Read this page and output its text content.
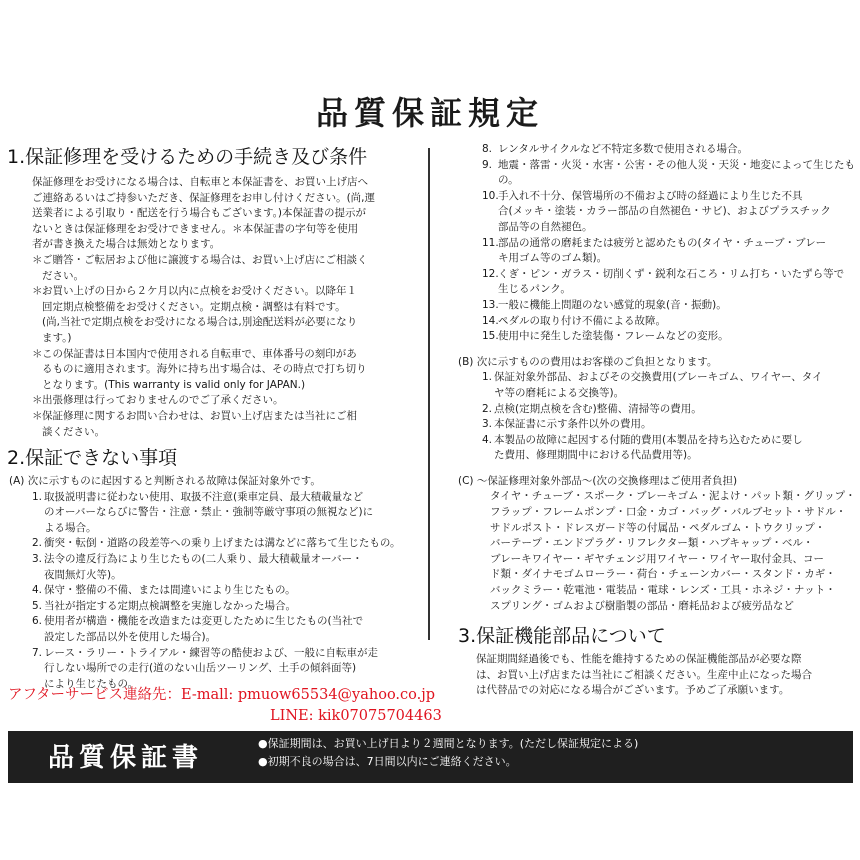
品質保証規定
1.保証修理を受けるための手続き及び条件

保証修理をお受けになる場合は、自転車と本保証書を、お買い上げ店へ

ご連絡あるいはご持参いただき、保証修理をお申し付けください。(尚,運

送業者による引取り・配送を行う場合もございます。)本保証書の提示が

ないときは保証修理をお受けできません。＊本保証書の字句等を使用

者が書き換えた場合は無効となります。

＊ ご贈答・ご転居および他に譲渡する場合は、お買い上げ店にご相談く

ださい。

＊ お買い上げの日から２ケ月以内に点検をお受けください。以降年１

回定期点検整備をお受けください。定期点検・調整は有料です。

(尚,当社で定期点検をお受けになる場合は,別途配送料が必要になり

ます。)

＊ この保証書は日本国内で使用される自転車で、車体番号の刻印があ

るものに適用されます。海外に持ち出す場合は、その時点で打ち切り

となります。(This warranty is valid only for JAPAN.)

＊ 出張修理は行っておりませんのでご了承ください。

＊ 保証修理に関するお問い合わせは、お買い上げ店または当社にご相

談ください。

2.保証できない事項

(A) 次に示すものに起因すると判断される故障は保証対象外です。

1. 取扱説明書に従わない使用、取扱不注意(乗車定員、最大積載量など

のオーバーならびに警告・注意・禁止・強制等厳守事項の無視など)に

よる場合。

2. 衝突・転倒・道路の段差等への乗り上げまたは溝などに落ちて生じたもの。

3. 法令の違反行為により生じたもの(二人乗り、最大積載量オーバー・

夜間無灯火等)。

4. 保守・整備の不備、または間違いにより生じたもの。

5. 当社が指定する定期点検調整を実施しなかった場合。

6. 使用者が構造・機能を改造または変更したために生じたもの(当社で

設定した部品以外を使用した場合)。

7. レース・ラリー・トライアル・練習等の酷使および、一般に自転車が走

行しない場所での走行(道のない山岳ツーリング、土手の傾斜面等)

により生じたもの。

8. レンタルサイクルなど不特定多数で使用される場合。

9. 地震・落雷・火災・水害・公害・その他人災・天災・地変によって生じたもの。

10. 手入れ不十分、保管場所の不備および時の経過により生じた不具

合(メッキ・塗装・カラー部品の自然褪色・サビ)、およびプラスチック

部品等の自然褪色。

11. 部品の通常の磨耗または疲労と認めたもの(タイヤ・チューブ・ブレー

キ用ゴム等のゴム類)。

12. くぎ・ピン・ガラス・切削くず・鋭利な石ころ・リム打ち・いたずら等で

生じるパンク。

13. 一般に機能上問題のない感覚的現象(音・振動)。

14. ペダルの取り付け不備による故障。

15. 使用中に発生した塗装傷・フレームなどの変形。

(B) 次に示すものの費用はお客様のご負担となります。

1. 保証対象外部品、およびその交換費用(ブレーキゴム、ワイヤー、タイ

ヤ等の磨耗による交換等)。

2. 点検(定期点検を含む)整備、清掃等の費用。

3. 本保証書に示す条件以外の費用。

4. 本製品の故障に起因する付随的費用(本製品を持ち込むために要し

た費用、修理期間中における代品費用等)。

(C) 〜保証修理対象外部品〜(次の交換修理はご使用者負担)

タイヤ・チューブ・スポーク・ブレーキゴム・泥よけ・パット類・グリップ・

フラップ・フレームポンプ・口金・カゴ・バッグ・バルブセット・サドル・

サドルポスト・ドレスガード等の付属品・ペダルゴム・トウクリップ・

バーテープ・エンドプラグ・リフレクター類・ハブキャップ・ベル・

ブレーキワイヤー・ギヤチェンジ用ワイヤー・ワイヤー取付金具、コー

ド類・ダイナモゴムローラー・荷台・チェーンカバー・スタンド・カギ・

バックミラー・乾電池・電装品・電球・レンズ・工具・ホネジ・ナット・

スプリング・ゴムおよび樹脂製の部品・磨耗品および疲労品など

3.保証機能部品について

保証期間経過後でも、性能を維持するための保証機能部品が必要な際

は、お買い上げ店または当社にご相談ください。生産中止になった場合

は代替品での対応になる場合がございます。予めご了承願います。

アフターサービス連絡先：E-mall: pmuow65534@yahoo.co.jp
LINE: kik07075704463
品質保証書	●保証期間は、お買い上げ日より２週間となります。(ただし保証規定による)
●初期不良の場合は、7日間以内にご連絡ください。
